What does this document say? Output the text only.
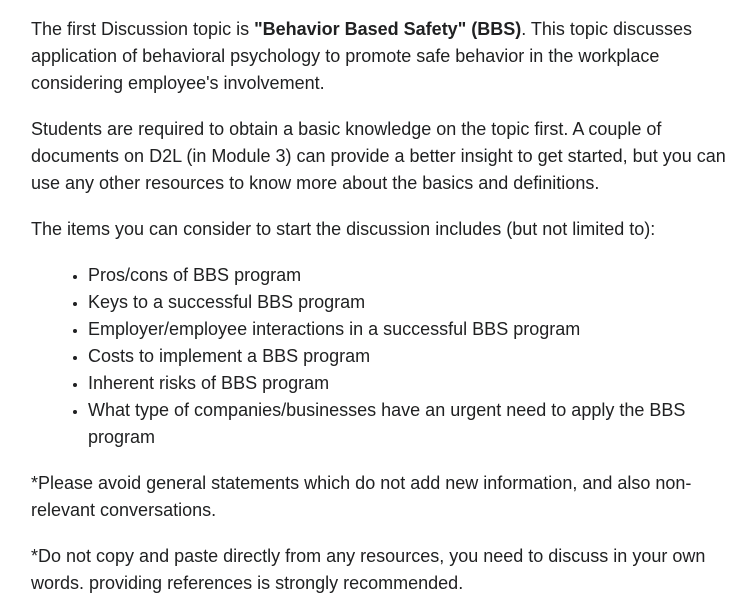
The first Discussion topic is "Behavior Based Safety" (BBS). This topic discusses application of behavioral psychology to promote safe behavior in the workplace considering employee's involvement.

Students are required to obtain a basic knowledge on the topic first. A couple of documents on D2L (in Module 3) can provide a better insight to get started, but you can use any other resources to know more about the basics and definitions.

The items you can consider to start the discussion includes (but not limited to):

• Pros/cons of BBS program
• Keys to a successful BBS program
• Employer/employee interactions in a successful BBS program
• Costs to implement a BBS program
• Inherent risks of BBS program
• What type of companies/businesses have an urgent need to apply the BBS program

*Please avoid general statements which do not add new information, and also non-relevant conversations.

*Do not copy and paste directly from any resources, you need to discuss in your own words. providing references is strongly recommended.
